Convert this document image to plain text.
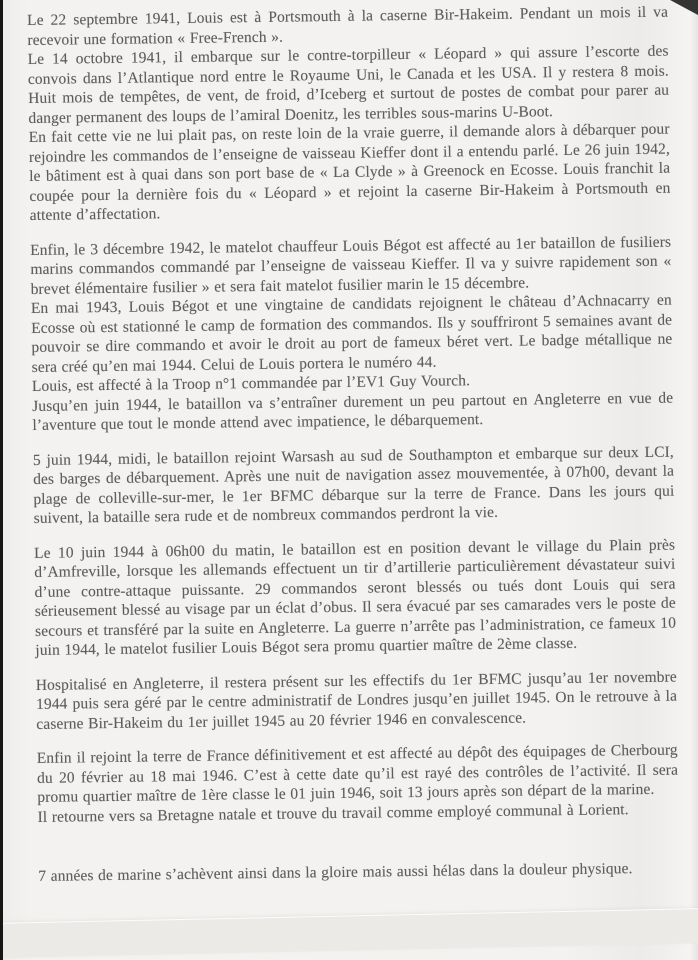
Le 22 septembre 1941, Louis est à Portsmouth à la caserne Bir-Hakeim. Pendant un mois il va recevoir une formation « Free-French ».

Le 14 octobre 1941, il embarque sur le contre-torpilleur « Léopard » qui assure l’escorte des convois dans l’Atlantique nord entre le Royaume Uni, le Canada et les USA. Il y restera 8 mois. Huit mois de tempêtes, de vent, de froid, d’Iceberg et surtout de postes de combat pour parer au danger permanent des loups de l’amiral Doenitz, les terribles sous-marins U-Boot.

En fait cette vie ne lui plait pas, on reste loin de la vraie guerre, il demande alors à débarquer pour rejoindre les commandos de l’enseigne de vaisseau Kieffer dont il a entendu parlé. Le 26 juin 1942, le bâtiment est à quai dans son port base de « La Clyde » à Greenock en Ecosse. Louis franchit la coupée pour la dernière fois du « Léopard » et rejoint la caserne Bir-Hakeim à Portsmouth en attente d’affectation.

Enfin, le 3 décembre 1942, le matelot chauffeur Louis Bégot est affecté au 1er bataillon de fusiliers marins commandos commandé par l’enseigne de vaisseau Kieffer. Il va y suivre rapidement son « brevet élémentaire fusilier » et sera fait matelot fusilier marin le 15 décembre.

En mai 1943, Louis Bégot et une vingtaine de candidats rejoignent le château d’Achnacarry en Ecosse où est stationné le camp de formation des commandos. Ils y souffriront 5 semaines avant de pouvoir se dire commando et avoir le droit au port de fameux béret vert. Le badge métallique ne sera créé qu’en mai 1944. Celui de Louis portera le numéro 44.

Louis, est affecté à la Troop n°1 commandée par l’EV1 Guy Vourch.

Jusqu’en juin 1944, le bataillon va s’entraîner durement un peu partout en Angleterre en vue de l’aventure que tout le monde attend avec impatience, le débarquement.

5 juin 1944, midi, le bataillon rejoint Warsash au sud de Southampton et embarque sur deux LCI, des barges de débarquement. Après une nuit de navigation assez mouvementée, à 07h00, devant la plage de colleville-sur-mer, le 1er BFMC débarque sur la terre de France. Dans les jours qui suivent, la bataille sera rude et de nombreux commandos perdront la vie.

Le 10 juin 1944 à 06h00 du matin, le bataillon est en position devant le village du Plain près d’Amfreville, lorsque les allemands effectuent un tir d’artillerie particulièrement dévastateur suivi d’une contre-attaque puissante. 29 commandos seront blessés ou tués dont Louis qui sera sérieusement blessé au visage par un éclat d’obus. Il sera évacué par ses camarades vers le poste de secours et transféré par la suite en Angleterre. La guerre n’arrête pas l’administration, ce fameux 10 juin 1944, le matelot fusilier Louis Bégot sera promu quartier maître de 2ème classe.

Hospitalisé en Angleterre, il restera présent sur les effectifs du 1er BFMC jusqu’au 1er novembre 1944 puis sera géré par le centre administratif de Londres jusqu’en juillet 1945. On le retrouve à la caserne Bir-Hakeim du 1er juillet 1945 au 20 février 1946 en convalescence.

Enfin il rejoint la terre de France définitivement et est affecté au dépôt des équipages de Cherbourg du 20 février au 18 mai 1946. C’est à cette date qu’il est rayé des contrôles de l’activité. Il sera promu quartier maître de 1ère classe le 01 juin 1946, soit 13 jours après son départ de la marine.

Il retourne vers sa Bretagne natale et trouve du travail comme employé communal à Lorient.

7 années de marine s’achèvent ainsi dans la gloire mais aussi hélas dans la douleur physique.
